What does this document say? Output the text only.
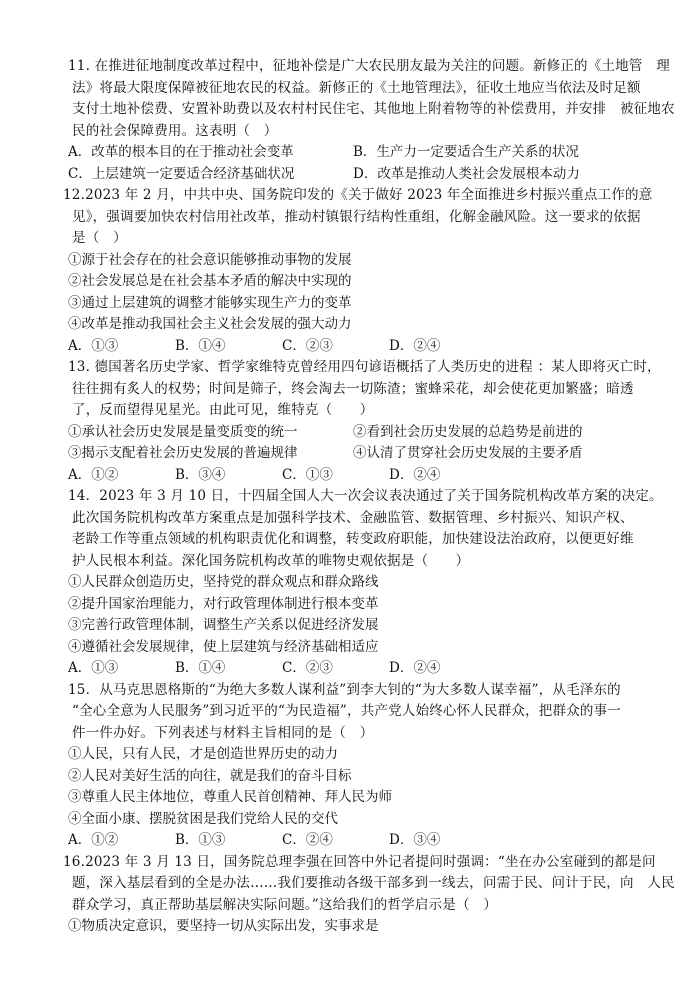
11. 在推进征地制度改革过程中，征地补偿是广大农民朋友最为关注的问题。新修正的《土地管　理
法》将最大限度保障被征地农民的权益。新修正的《土地管理法》，征收土地应当依法及时足额
支付土地补偿费、安置补助费以及农村村民住宅、其他地上附着物等的补偿费用，并安排　被征地农
民的社会保障费用。这表明（　）
A．改革的根本目的在于推动社会变革	B．生产力一定要适合生产关系的状况
C．上层建筑一定要适合经济基础状况	D．改革是推动人类社会发展根本动力
12.2023 年 2 月，中共中央、国务院印发的《关于做好 2023 年全面推进乡村振兴重点工作的意
见》，强调要加快农村信用社改革，推动村镇银行结构性重组，化解金融风险。这一要求的依据
是（　）
①源于社会存在的社会意识能够推动事物的发展
②社会发展总是在社会基本矛盾的解决中实现的
③通过上层建筑的调整才能够实现生产力的变革
④改革是推动我国社会主义社会发展的强大动力
A．①③	B．①④	C．②③	D．②④
13. 德国著名历史学家、哲学家维特克曾经用四句谚语概括了人类历史的进程 ：某人即将灭亡时，
往往拥有炙人的权势；时间是筛子，终会淘去一切陈渣；蜜蜂采花，却会使花更加繁盛；暗透
了，反而望得见星光。由此可见，维特克（　　）
①承认社会历史发展是量变质变的统一	②看到社会历史发展的总趋势是前进的
③揭示支配着社会历史发展的普遍规律	④认清了贯穿社会历史发展的主要矛盾
A．①②	B．③④	C．①③	D．②④
14．2023 年 3 月 10 日，十四届全国人大一次会议表决通过了关于国务院机构改革方案的决定。
此次国务院机构改革方案重点是加强科学技术、金融监管、数据管理、乡村振兴、知识产权、
老龄工作等重点领域的机构职责优化和调整，转变政府职能，加快建设法治政府，以便更好维
护人民根本利益。深化国务院机构改革的唯物史观依据是（　　）
①人民群众创造历史，坚持党的群众观点和群众路线
②提升国家治理能力，对行政管理体制进行根本变革
③完善行政管理体制，调整生产关系以促进经济发展
④遵循社会发展规律，使上层建筑与经济基础相适应
A．①③	B．①④	C．②③	D．②④
15．从马克思恩格斯的“为绝大多数人谋利益”到李大钊的“为大多数人谋幸福”，从毛泽东的
“全心全意为人民服务”到习近平的“为民造福”，共产党人始终心怀人民群众，把群众的事一
件一件办好。下列表述与材料主旨相同的是（　）
①人民，只有人民，才是创造世界历史的动力
②人民对美好生活的向往，就是我们的奋斗目标
③尊重人民主体地位，尊重人民首创精神、拜人民为师
④全面小康、摆脱贫困是我们党给人民的交代
A．①②	B．①③	C．②④	D．③④
16.2023 年 3 月 13 日，国务院总理李强在回答中外记者提问时强调：“坐在办公室碰到的都是问
题，深入基层看到的全是办法……我们要推动各级干部多到一线去，问需于民、问计于民，向　人民
群众学习，真正帮助基层解决实际问题。”这给我们的哲学启示是（　）
①物质决定意识，要坚持一切从实际出发，实事求是
